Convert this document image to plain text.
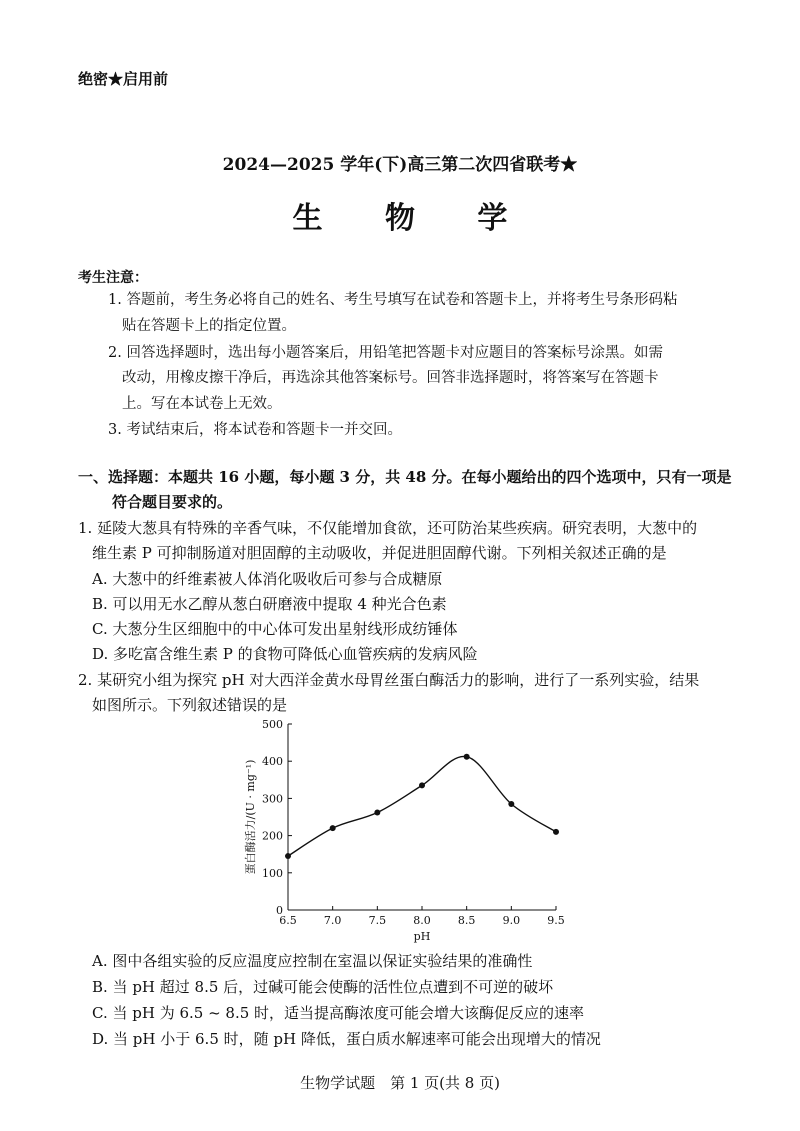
绝密★启用前
2024—2025 学年(下)高三第二次四省联考★
生 物 学
考生注意：
1. 答题前，考生务必将自己的姓名、考生号填写在试卷和答题卡上，并将考生号条形码粘
贴在答题卡上的指定位置。
2. 回答选择题时，选出每小题答案后，用铅笔把答题卡对应题目的答案标号涂黑。如需
改动，用橡皮擦干净后，再选涂其他答案标号。回答非选择题时，将答案写在答题卡
上。写在本试卷上无效。
3. 考试结束后，将本试卷和答题卡一并交回。
一、选择题：本题共 16 小题，每小题 3 分，共 48 分。在每小题给出的四个选项中，只有一项是
符合题目要求的。
1. 延陵大葱具有特殊的辛香气味，不仅能增加食欲，还可防治某些疾病。研究表明，大葱中的
维生素 P 可抑制肠道对胆固醇的主动吸收，并促进胆固醇代谢。下列相关叙述正确的是
A. 大葱中的纤维素被人体消化吸收后可参与合成糖原
B. 可以用无水乙醇从葱白研磨液中提取 4 种光合色素
C. 大葱分生区细胞中的中心体可发出星射线形成纺锤体
D. 多吃富含维生素 P 的食物可降低心血管疾病的发病风险
2. 某研究小组为探究 pH 对大西洋金黄水母胃丝蛋白酶活力的影响，进行了一系列实验，结果
如图所示。下列叙述错误的是
0
100
200
300
400
500
6.5 7.0 7.5 8.0 8.5 9.0 9.5
pH
蛋白酶活力/(U · mg⁻¹)
A. 图中各组实验的反应温度应控制在室温以保证实验结果的准确性
B. 当 pH 超过 8.5 后，过碱可能会使酶的活性位点遭到不可逆的破坏
C. 当 pH 为 6.5 ~ 8.5 时，适当提高酶浓度可能会增大该酶促反应的速率
D. 当 pH 小于 6.5 时，随 pH 降低，蛋白质水解速率可能会出现增大的情况
生物学试题　第 1 页(共 8 页)
